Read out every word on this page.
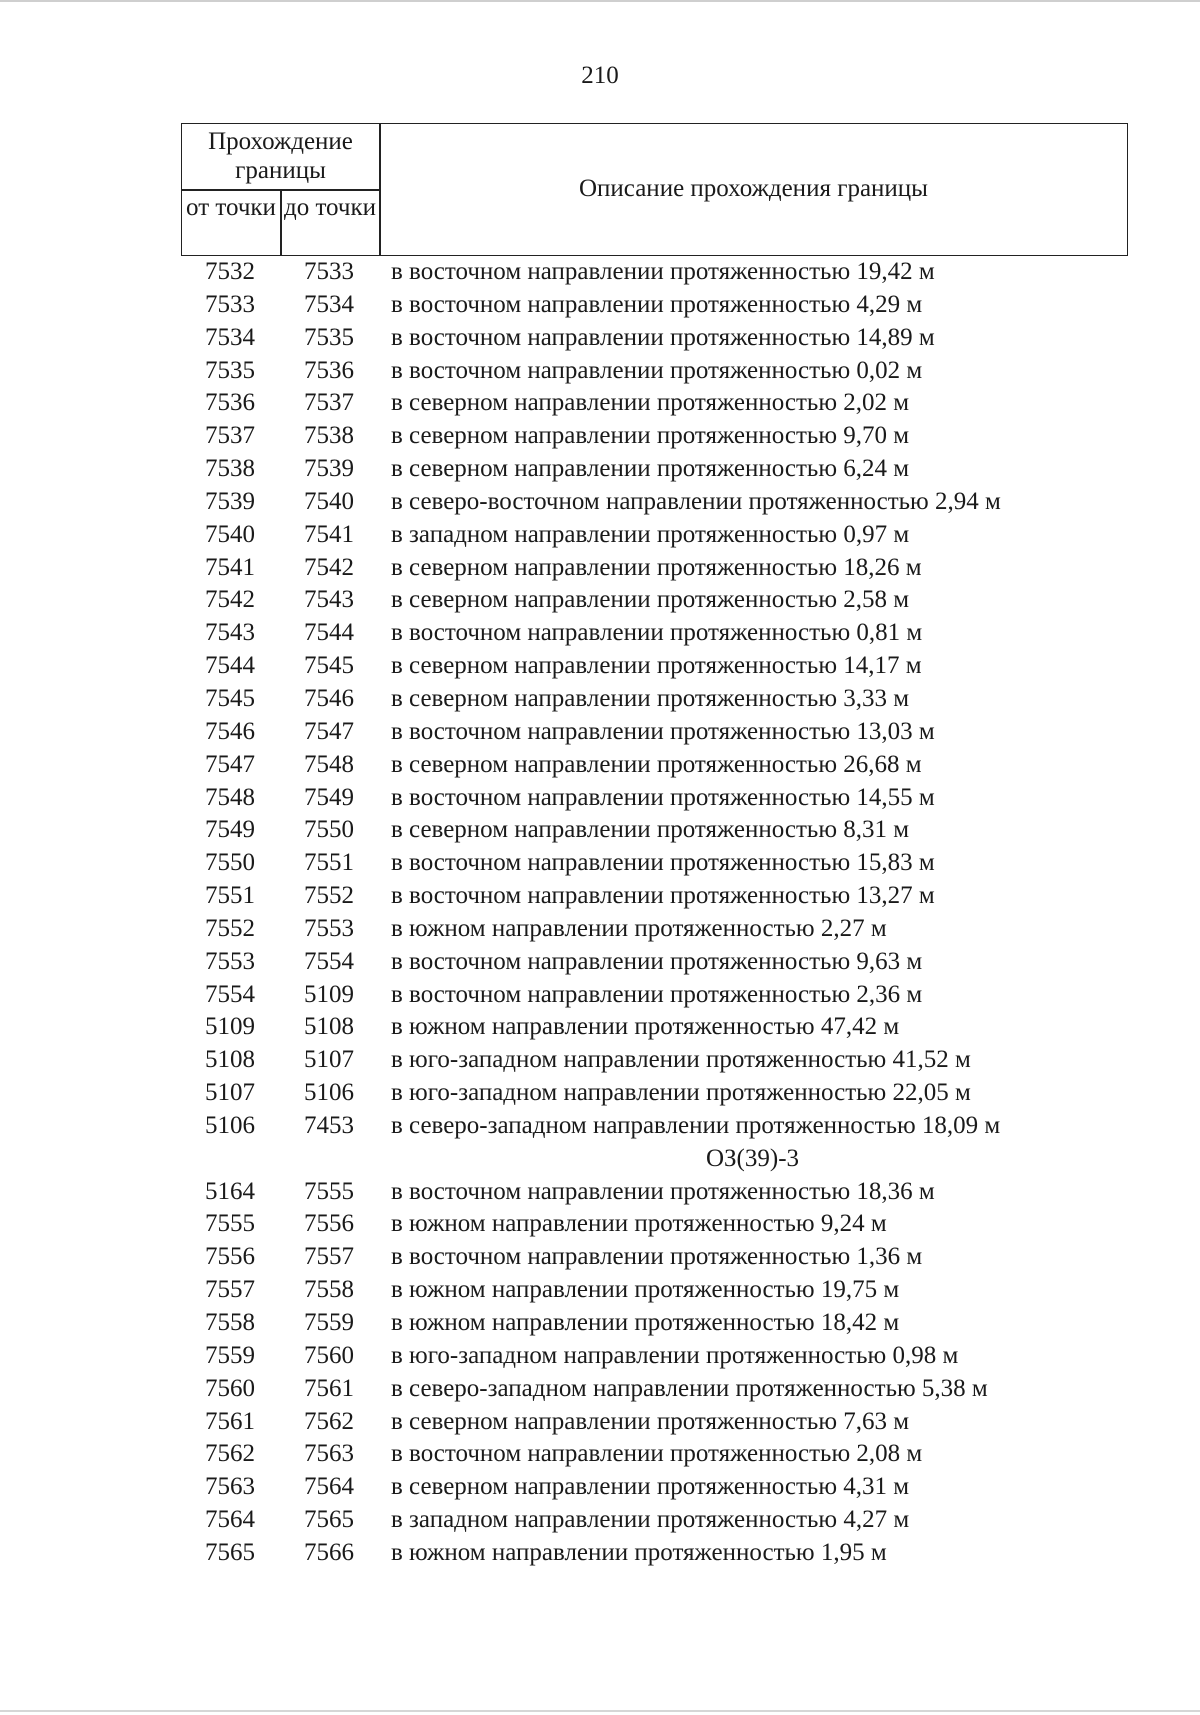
210
Прохождение границы
от точки до точки
Описание прохождения границы
7532	7533	в восточном направлении протяженностью 19,42 м
7533	7534	в восточном направлении протяженностью 4,29 м
7534	7535	в восточном направлении протяженностью 14,89 м
7535	7536	в восточном направлении протяженностью 0,02 м
7536	7537	в северном направлении протяженностью 2,02 м
7537	7538	в северном направлении протяженностью 9,70 м
7538	7539	в северном направлении протяженностью 6,24 м
7539	7540	в северо-восточном направлении протяженностью 2,94 м
7540	7541	в западном направлении протяженностью 0,97 м
7541	7542	в северном направлении протяженностью 18,26 м
7542	7543	в северном направлении протяженностью 2,58 м
7543	7544	в восточном направлении протяженностью 0,81 м
7544	7545	в северном направлении протяженностью 14,17 м
7545	7546	в северном направлении протяженностью 3,33 м
7546	7547	в восточном направлении протяженностью 13,03 м
7547	7548	в северном направлении протяженностью 26,68 м
7548	7549	в восточном направлении протяженностью 14,55 м
7549	7550	в северном направлении протяженностью 8,31 м
7550	7551	в восточном направлении протяженностью 15,83 м
7551	7552	в восточном направлении протяженностью 13,27 м
7552	7553	в южном направлении протяженностью 2,27 м
7553	7554	в восточном направлении протяженностью 9,63 м
7554	5109	в восточном направлении протяженностью 2,36 м
5109	5108	в южном направлении протяженностью 47,42 м
5108	5107	в юго-западном направлении протяженностью 41,52 м
5107	5106	в юго-западном направлении протяженностью 22,05 м
5106	7453	в северо-западном направлении протяженностью 18,09 м
ОЗ(39)-3
5164	7555	в восточном направлении протяженностью 18,36 м
7555	7556	в южном направлении протяженностью 9,24 м
7556	7557	в восточном направлении протяженностью 1,36 м
7557	7558	в южном направлении протяженностью 19,75 м
7558	7559	в южном направлении протяженностью 18,42 м
7559	7560	в юго-западном направлении протяженностью 0,98 м
7560	7561	в северо-западном направлении протяженностью 5,38 м
7561	7562	в северном направлении протяженностью 7,63 м
7562	7563	в восточном направлении протяженностью 2,08 м
7563	7564	в северном направлении протяженностью 4,31 м
7564	7565	в западном направлении протяженностью 4,27 м
7565	7566	в южном направлении протяженностью 1,95 м
